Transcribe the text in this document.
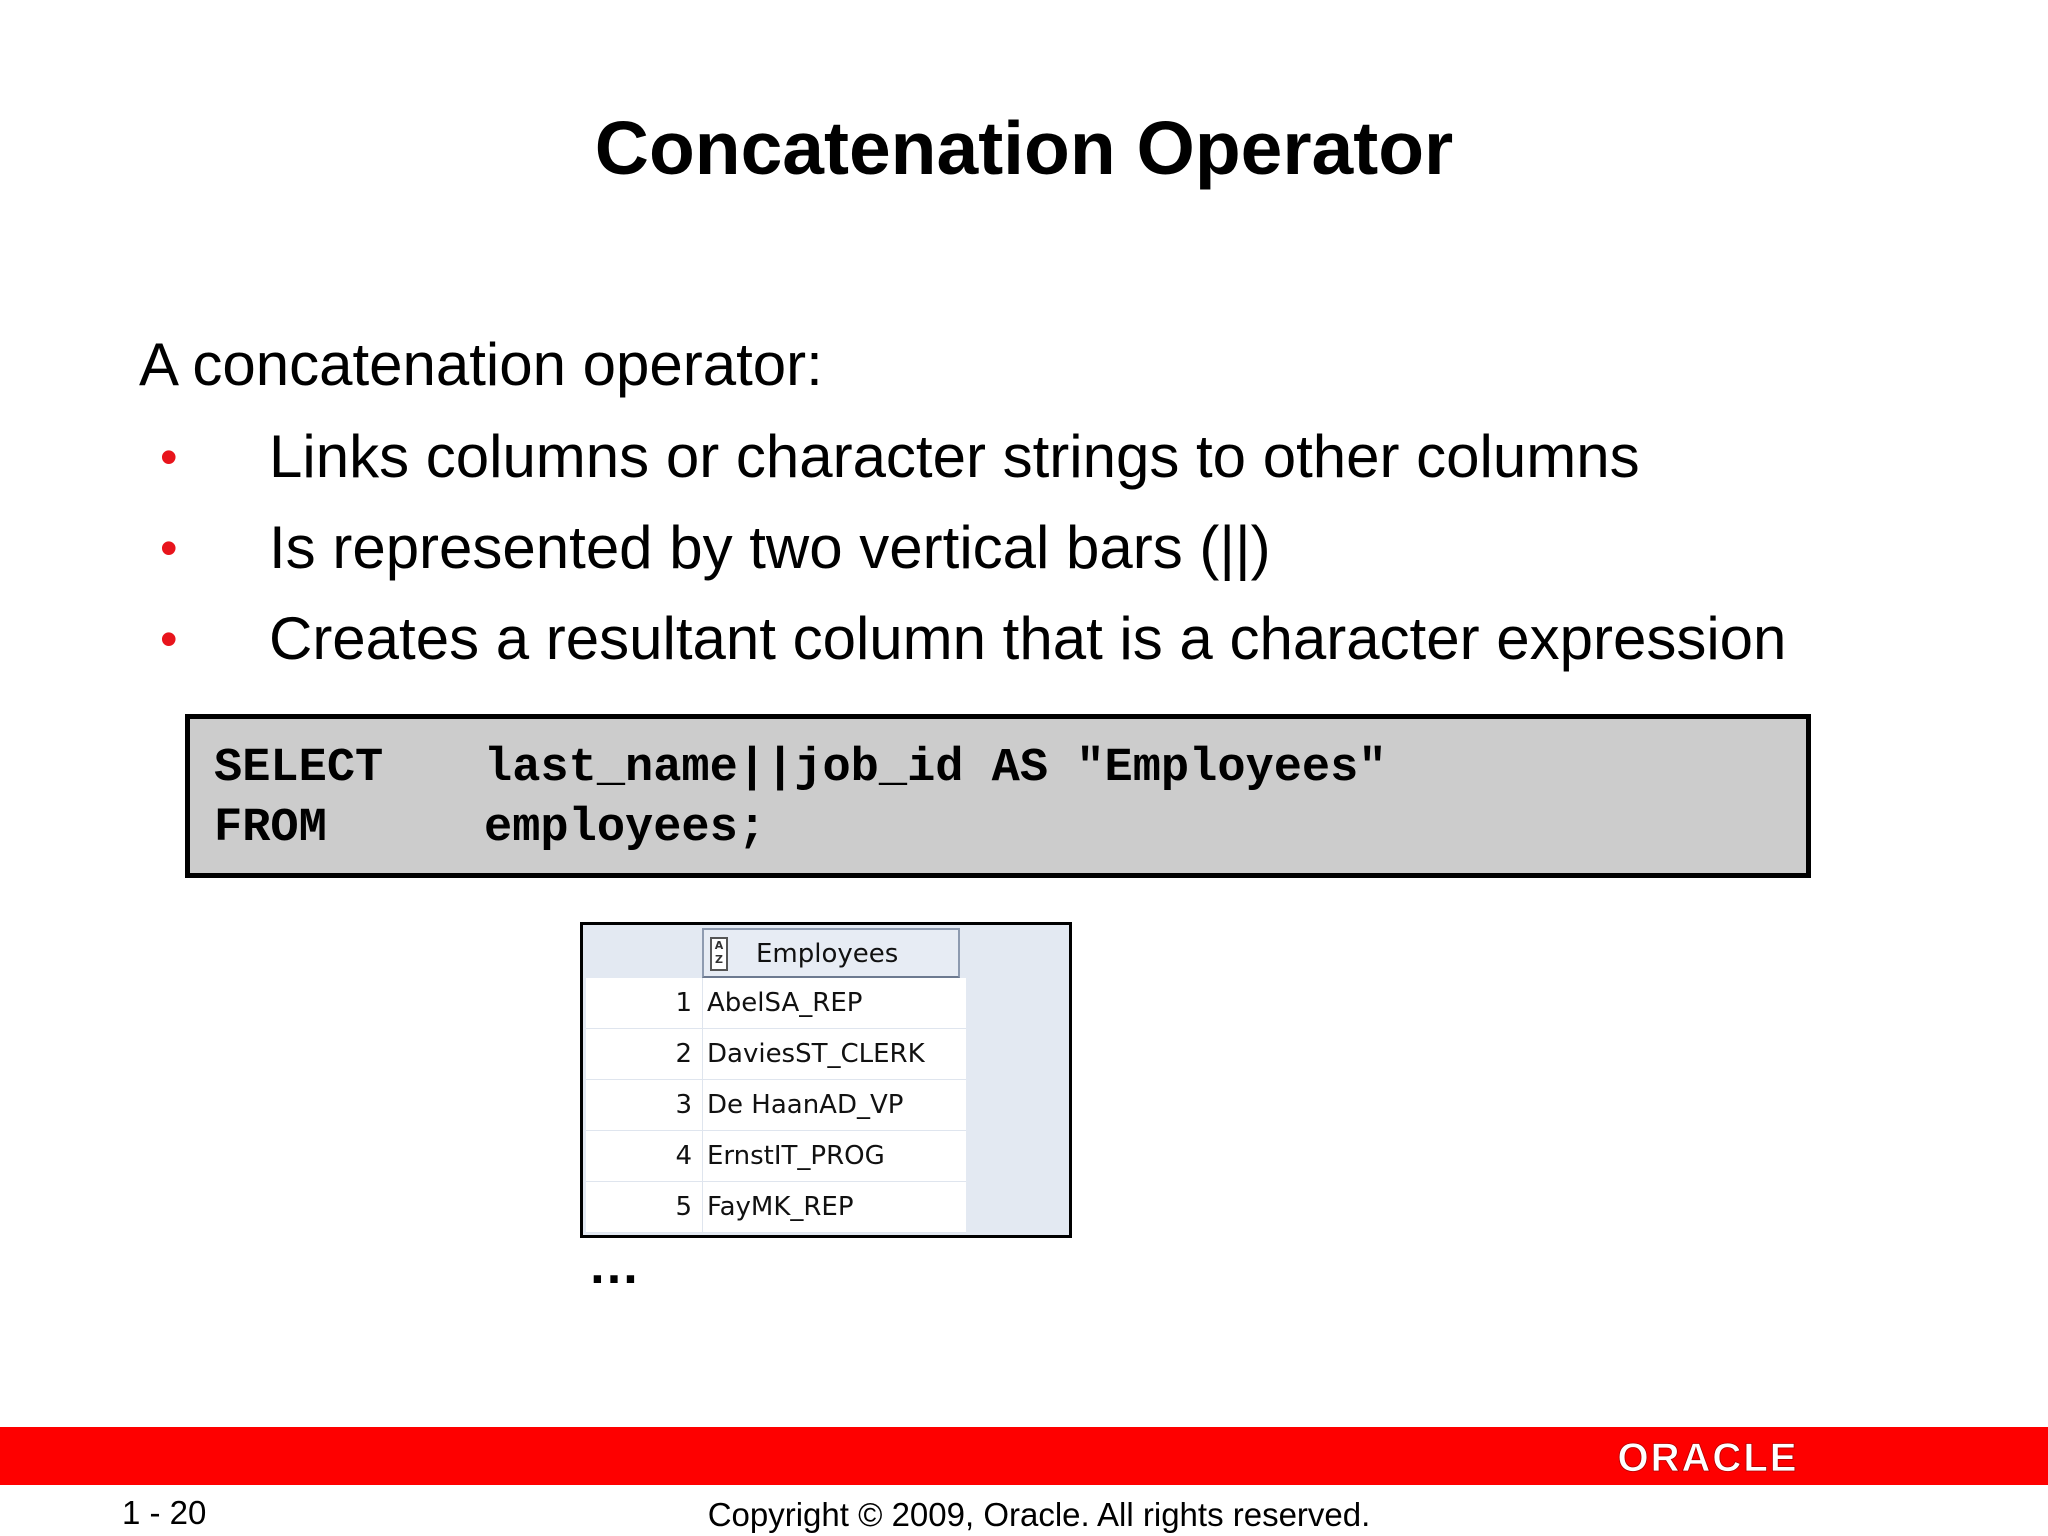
Concatenation Operator
A concatenation operator:
• Links columns or character strings to other columns
• Is represented by two vertical bars (||)
• Creates a resultant column that is a character expression
SELECT last_name||job_id AS "Employees"
FROM	employees;
A
Z Employees
1 AbelSA_REP
2 DaviesST_CLERK
3 De HaanAD_VP
4 ErnstIT_PROG
5 FayMK_REP
…
ORACLE
1 - 20	Copyright © 2009, Oracle. All rights reserved.
